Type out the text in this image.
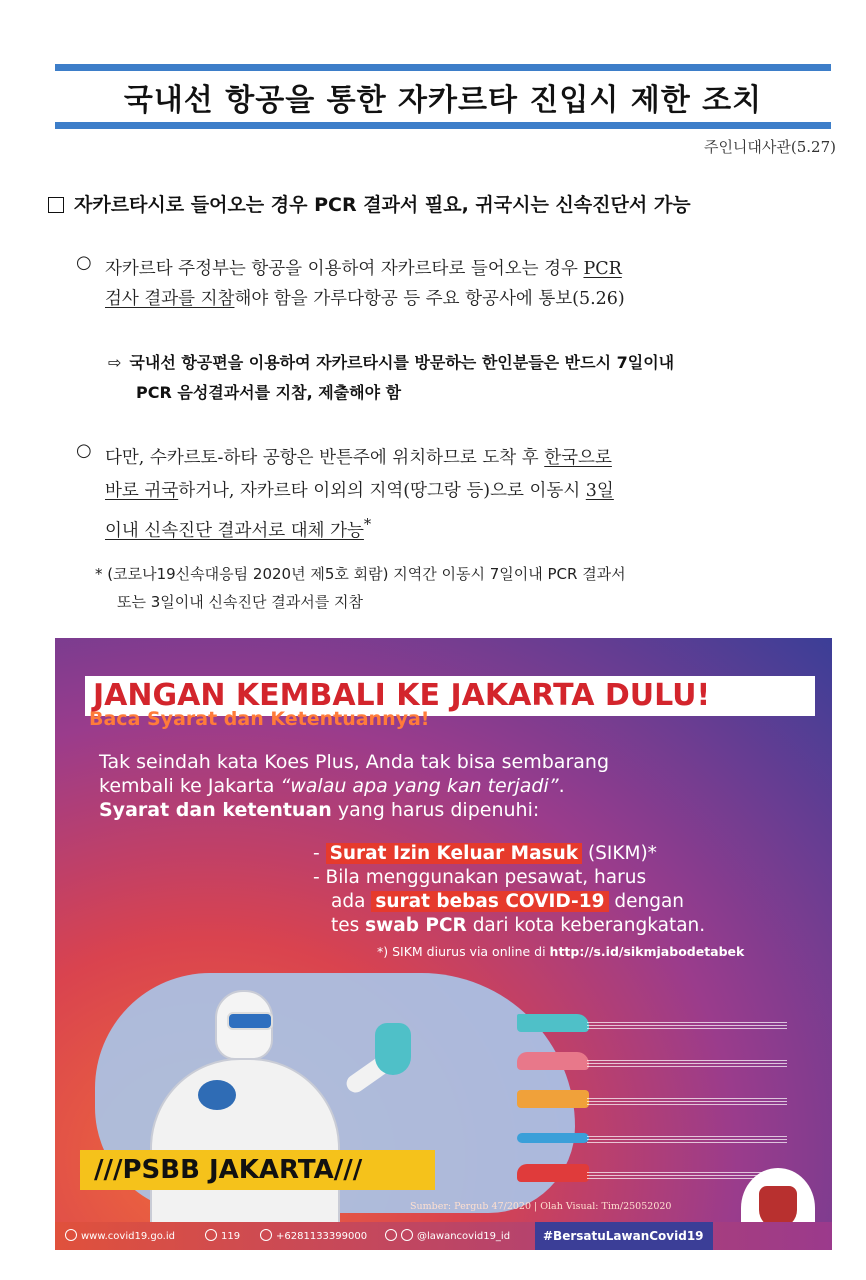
국내선 항공을 통한 자카르타 진입시 제한 조치
주인니대사관(5.27)
자카르타시로 들어오는 경우 PCR 결과서 필요, 귀국시는 신속진단서 가능
○ 자카르타 주정부는 항공을 이용하여 자카르타로 들어오는 경우 PCR
검사 결과를 지참해야 함을 가루다항공 등 주요 항공사에 통보(5.26)
⇨ 국내선 항공편을 이용하여 자카르타시를 방문하는 한인분들은 반드시 7일이내
PCR 음성결과서를 지참, 제출해야 함
○ 다만, 수카르토-하타 공항은 반튼주에 위치하므로 도착 후 한국으로
바로 귀국하거나, 자카르타 이외의 지역(땅그랑 등)으로 이동시 3일
이내 신속진단 결과서로 대체 가능*
* (코로나19신속대응팀 2020년 제5호 회람) 지역간 이동시 7일이내 PCR 결과서
또는 3일이내 신속진단 결과서를 지참
JANGAN KEMBALI KE JAKARTA DULU!
Baca Syarat dan Ketentuannya!
Tak seindah kata Koes Plus, Anda tak bisa sembarang
kembali ke Jakarta “walau apa yang kan terjadi”.
Syarat dan ketentuan yang harus dipenuhi:
- Surat Izin Keluar Masuk (SIKM)*
- Bila menggunakan pesawat, harus
ada surat bebas COVID-19 dengan
tes swab PCR dari kota keberangkatan.
*) SIKM diurus via online di http://s.id/sikmjabodetabek
///PSBB JAKARTA///
Sumber: Pergub 47/2020 | Olah Visual: Tim/25052020
www.covid19.go.id	119	+6281133399000	@lawancovid19_id	#BersatuLawanCovid19
